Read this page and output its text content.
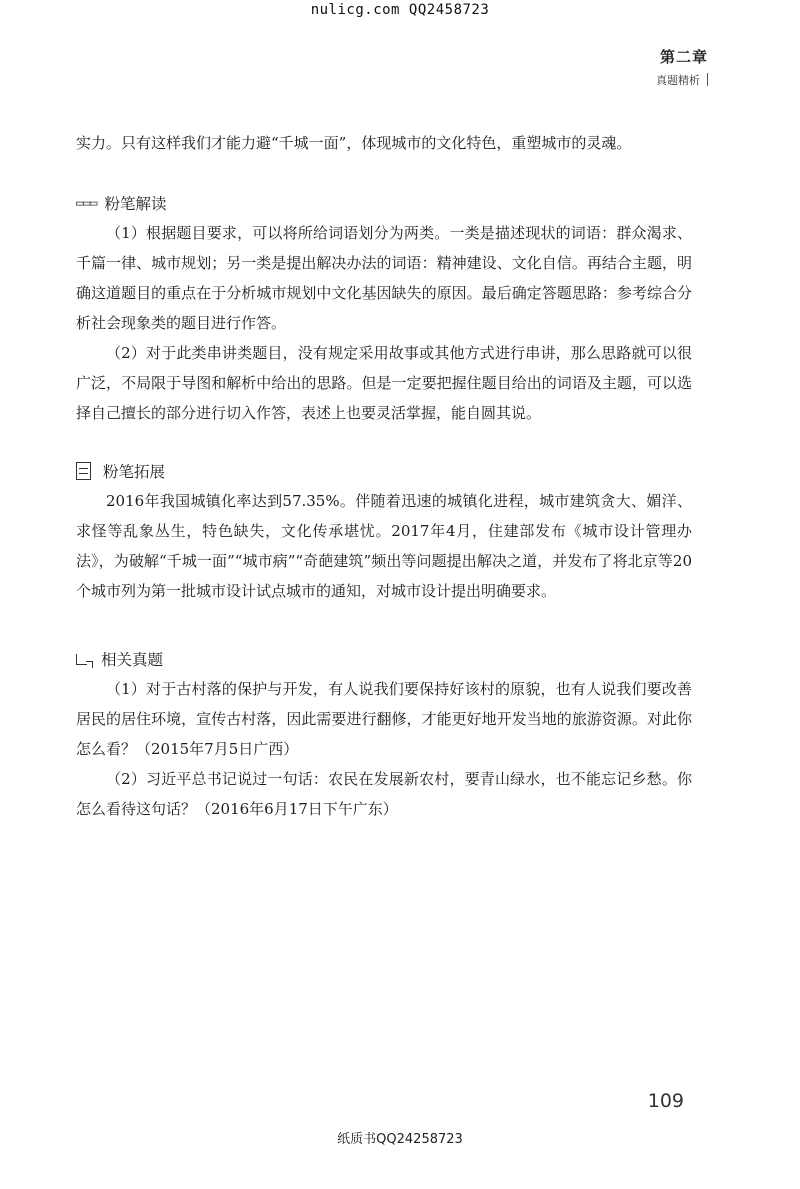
nulicg.com QQ2458723
第二章
真题精析

实力。只有这样我们才能力避“千城一面”，体现城市的文化特色，重塑城市的灵魂。

▭▭▭ 粉笔解读

（1）根据题目要求，可以将所给词语划分为两类。一类是描述现状的词语：群众渴求、千篇一律、城市规划；另一类是提出解决办法的词语：精神建设、文化自信。再结合主题，明确这道题目的重点在于分析城市规划中文化基因缺失的原因。最后确定答题思路：参考综合分析社会现象类的题目进行作答。

（2）对于此类串讲类题目，没有规定采用故事或其他方式进行串讲，那么思路就可以很广泛，不局限于导图和解析中给出的思路。但是一定要把握住题目给出的词语及主题，可以选择自己擅长的部分进行切入作答，表述上也要灵活掌握，能自圆其说。

粉笔拓展

2016年我国城镇化率达到57.35%。伴随着迅速的城镇化进程，城市建筑贪大、媚洋、求怪等乱象丛生，特色缺失，文化传承堪忧。2017年4月，住建部发布《城市设计管理办法》，为破解“千城一面”“城市病”“奇葩建筑”频出等问题提出解决之道，并发布了将北京等20个城市列为第一批城市设计试点城市的通知，对城市设计提出明确要求。

相关真题

（1）对于古村落的保护与开发，有人说我们要保持好该村的原貌，也有人说我们要改善居民的居住环境，宣传古村落，因此需要进行翻修，才能更好地开发当地的旅游资源。对此你怎么看？（2015年7月5日广西）

（2）习近平总书记说过一句话：农民在发展新农村，要青山绿水，也不能忘记乡愁。你怎么看待这句话？（2016年6月17日下午广东）

109
纸质书QQ24258723
